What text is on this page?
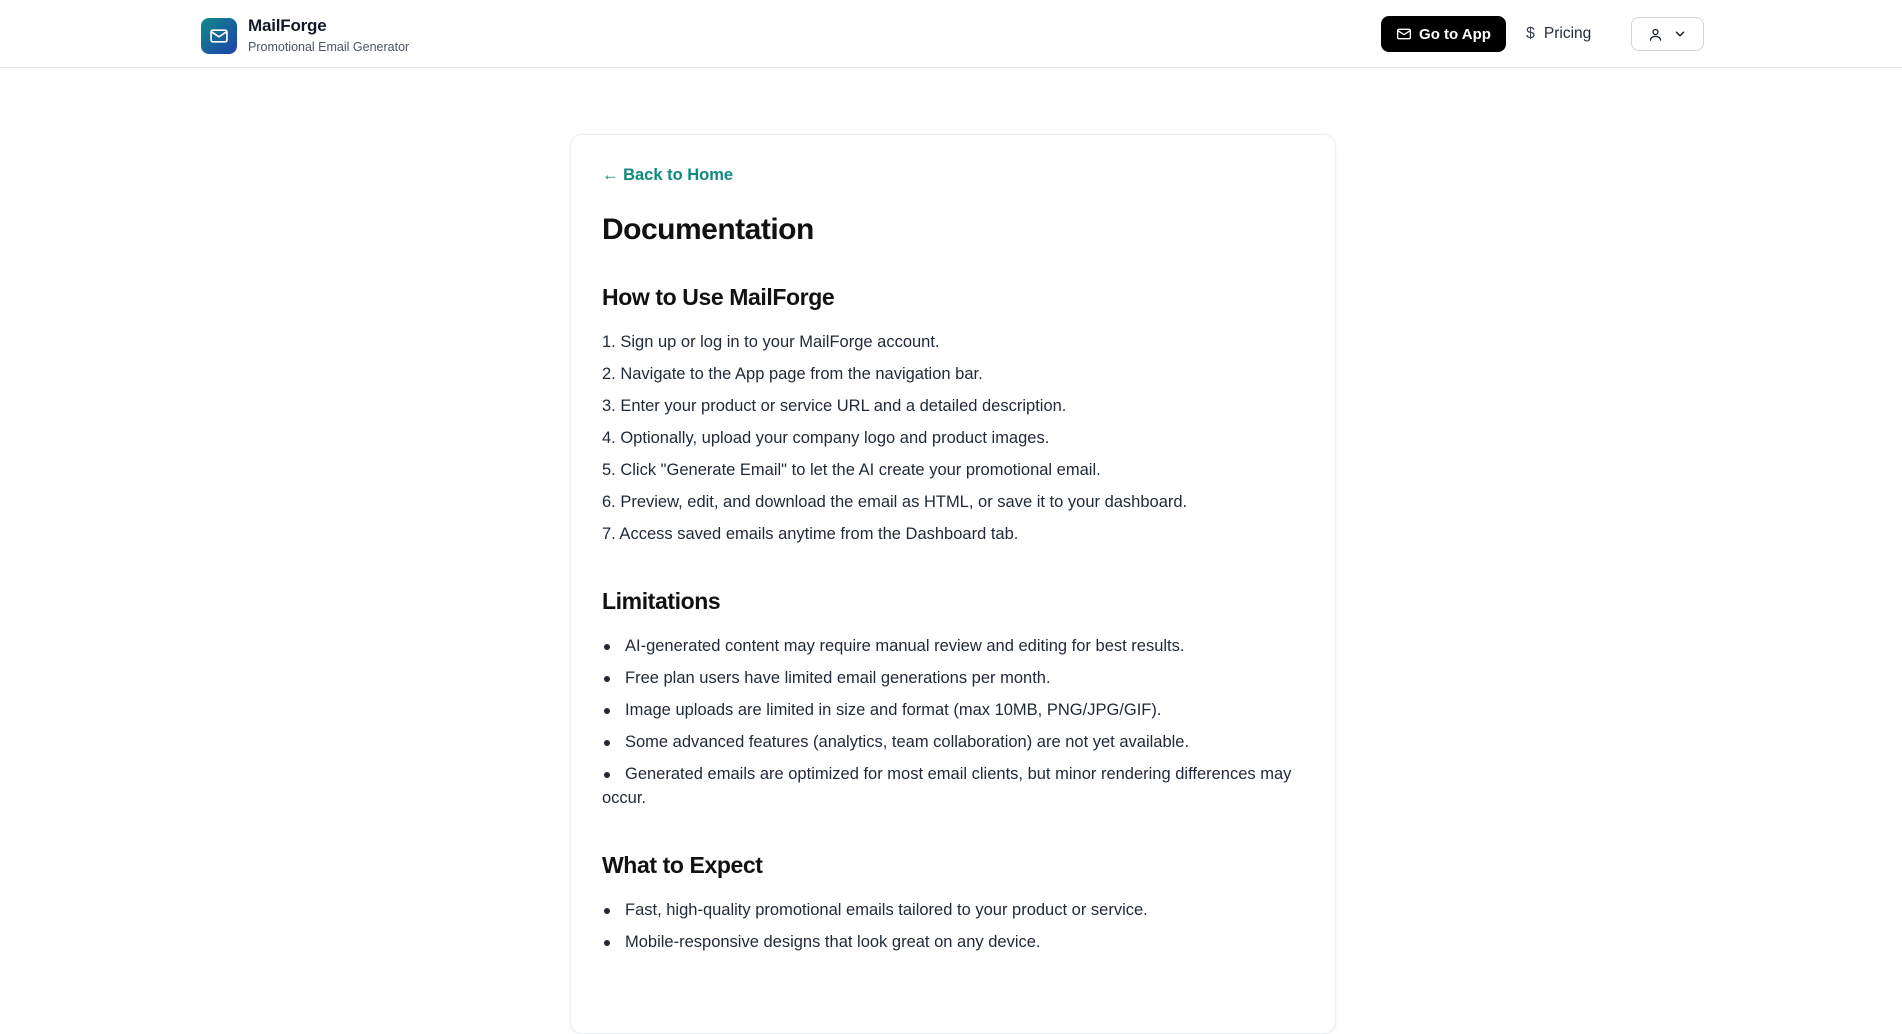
MailForge
Promotional Email Generator
Go to App $ Pricing
← Back to Home
Documentation
How to Use MailForge
1. Sign up or log in to your MailForge account.
2. Navigate to the App page from the navigation bar.
3. Enter your product or service URL and a detailed description.
4. Optionally, upload your company logo and product images.
5. Click "Generate Email" to let the AI create your promotional email.
6. Preview, edit, and download the email as HTML, or save it to your dashboard.
7. Access saved emails anytime from the Dashboard tab.
Limitations
AI-generated content may require manual review and editing for best results.
Free plan users have limited email generations per month.
Image uploads are limited in size and format (max 10MB, PNG/JPG/GIF).
Some advanced features (analytics, team collaboration) are not yet available.
Generated emails are optimized for most email clients, but minor rendering differences may occur.
What to Expect
Fast, high-quality promotional emails tailored to your product or service.
Mobile-responsive designs that look great on any device.
